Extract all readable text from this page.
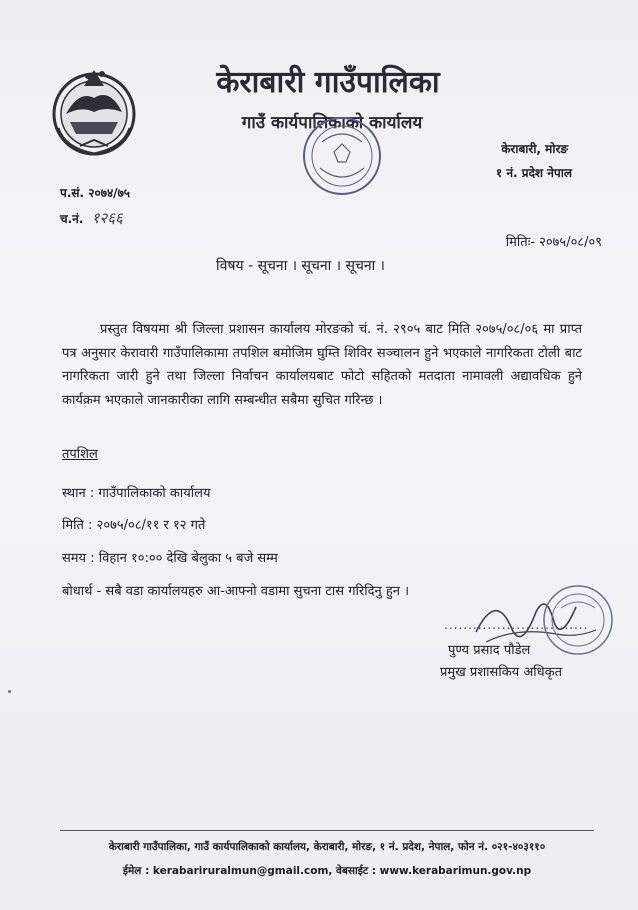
केराबारी गाउँपालिका
गाउँ कार्यपालिकाको कार्यालय
केराबारी, मोरङ
१ नं. प्रदेश नेपाल
प.सं. २०७४/७५
च.नं. १२६६
मितिः- २०७५/०८/०९
विषय - सूचना । सूचना । सूचना ।
प्रस्तुत विषयमा श्री जिल्ला प्रशासन कार्यालय मोरङको चं. नं. २९०५ बाट मिति २०७५/०८/०६ मा प्राप्त पत्र अनुसार केरावारी गाउँपालिकामा तपशिल बमोजिम घुम्ति शिविर सञ्चालन हुने भएकाले नागरिकता टोली बाट नागरिकता जारी हुने तथा जिल्ला निर्वाचन कार्यालयबाट फोटो सहितको मतदाता नामावली अद्यावधिक हुने कार्यक्रम भएकाले जानकारीका लागि सम्बन्धीत सबैमा सुचित गरिन्छ ।
तपशिल
स्थान : गाउँपालिकाको कार्यालय
मिति : २०७५/०८/११ र १२ गते
समय : विहान १०:०० देखि बेलुका ५ बजे सम्म
बोधार्थ - सबै वडा कार्यालयहरु आ-आफ्नो वडामा सुचना टास गरिदिनु हुन ।
..............................
पुण्य प्रसाद पौडेल
प्रमुख प्रशासकिय अधिकृत
केराबारी गाउँपालिका, गाउँ कार्यपालिकाको कार्यालय, केराबारी, मोरङ, १ नं. प्रदेश, नेपाल, फोन नं. ०२१-४०३११०
ईमेल : kerabariruralmun@gmail.com, वेबसाईट : www.kerabarimun.gov.np
